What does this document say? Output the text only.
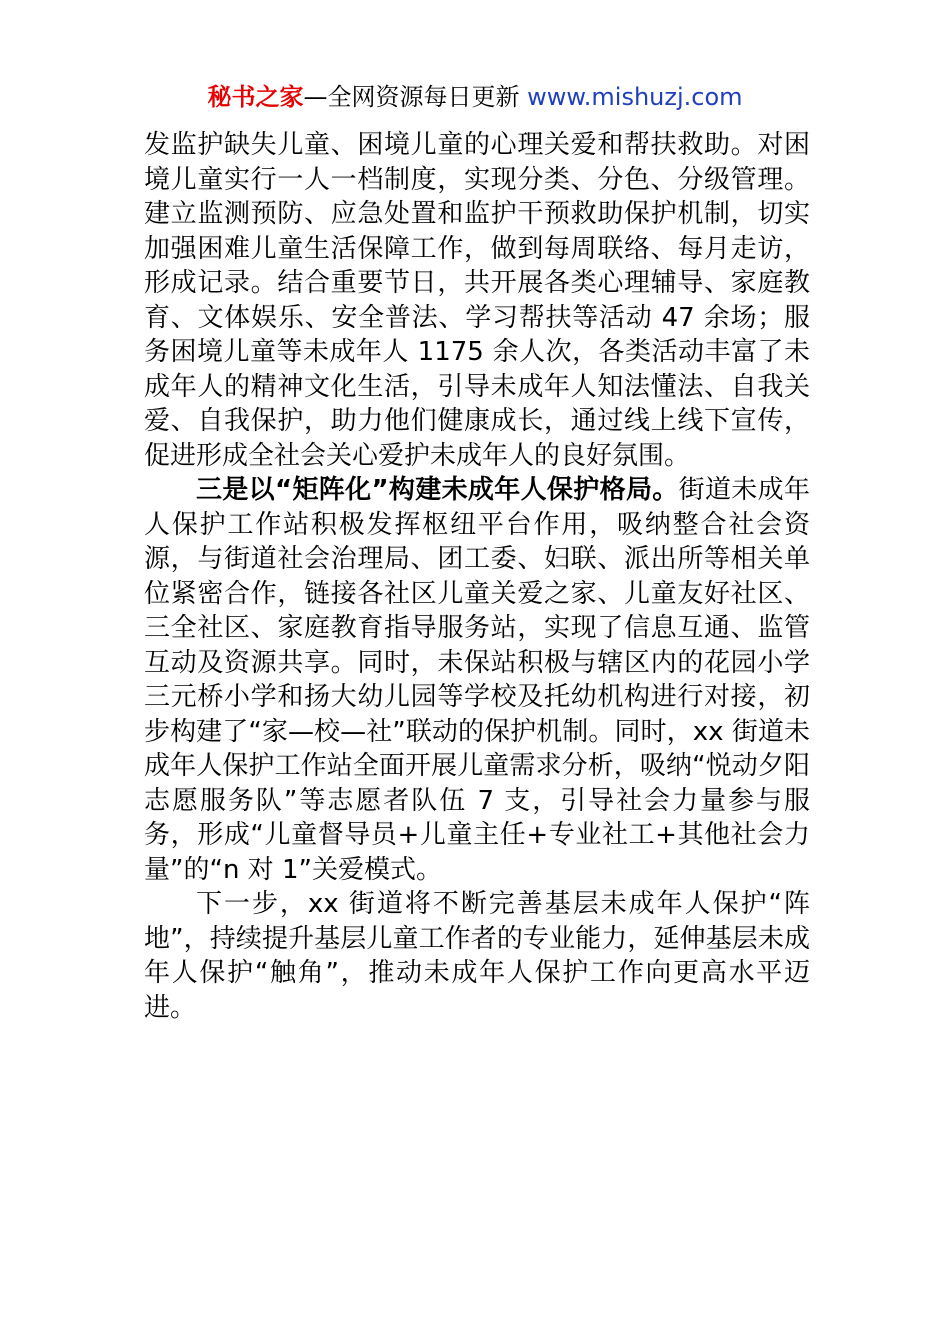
秘书之家—全网资源每日更新 www.mishuzj.com

发监护缺失儿童、困境儿童的心理关爱和帮扶救助。对困境儿童实行一人一档制度，实现分类、分色、分级管理。建立监测预防、应急处置和监护干预救助保护机制，切实加强困难儿童生活保障工作，做到每周联络、每月走访，形成记录。结合重要节日，共开展各类心理辅导、家庭教育、文体娱乐、安全普法、学习帮扶等活动 47 余场；服务困境儿童等未成年人 1175 余人次，各类活动丰富了未成年人的精神文化生活，引导未成年人知法懂法、自我关爱、自我保护，助力他们健康成长，通过线上线下宣传，促进形成全社会关心爱护未成年人的良好氛围。

三是以“矩阵化”构建未成年人保护格局。街道未成年人保护工作站积极发挥枢纽平台作用，吸纳整合社会资源，与街道社会治理局、团工委、妇联、派出所等相关单位紧密合作，链接各社区儿童关爱之家、儿童友好社区、三全社区、家庭教育指导服务站，实现了信息互通、监管互动及资源共享。同时，未保站积极与辖区内的花园小学三元桥小学和扬大幼儿园等学校及托幼机构进行对接，初步构建了“家—校—社”联动的保护机制。同时，xx 街道未成年人保护工作站全面开展儿童需求分析，吸纳“悦动夕阳志愿服务队”等志愿者队伍 7 支，引导社会力量参与服务，形成“儿童督导员+儿童主任+专业社工+其他社会力量”的“n 对 1”关爱模式。

下一步，xx 街道将不断完善基层未成年人保护“阵地”，持续提升基层儿童工作者的专业能力，延伸基层未成年人保护“触角”，推动未成年人保护工作向更高水平迈进。
